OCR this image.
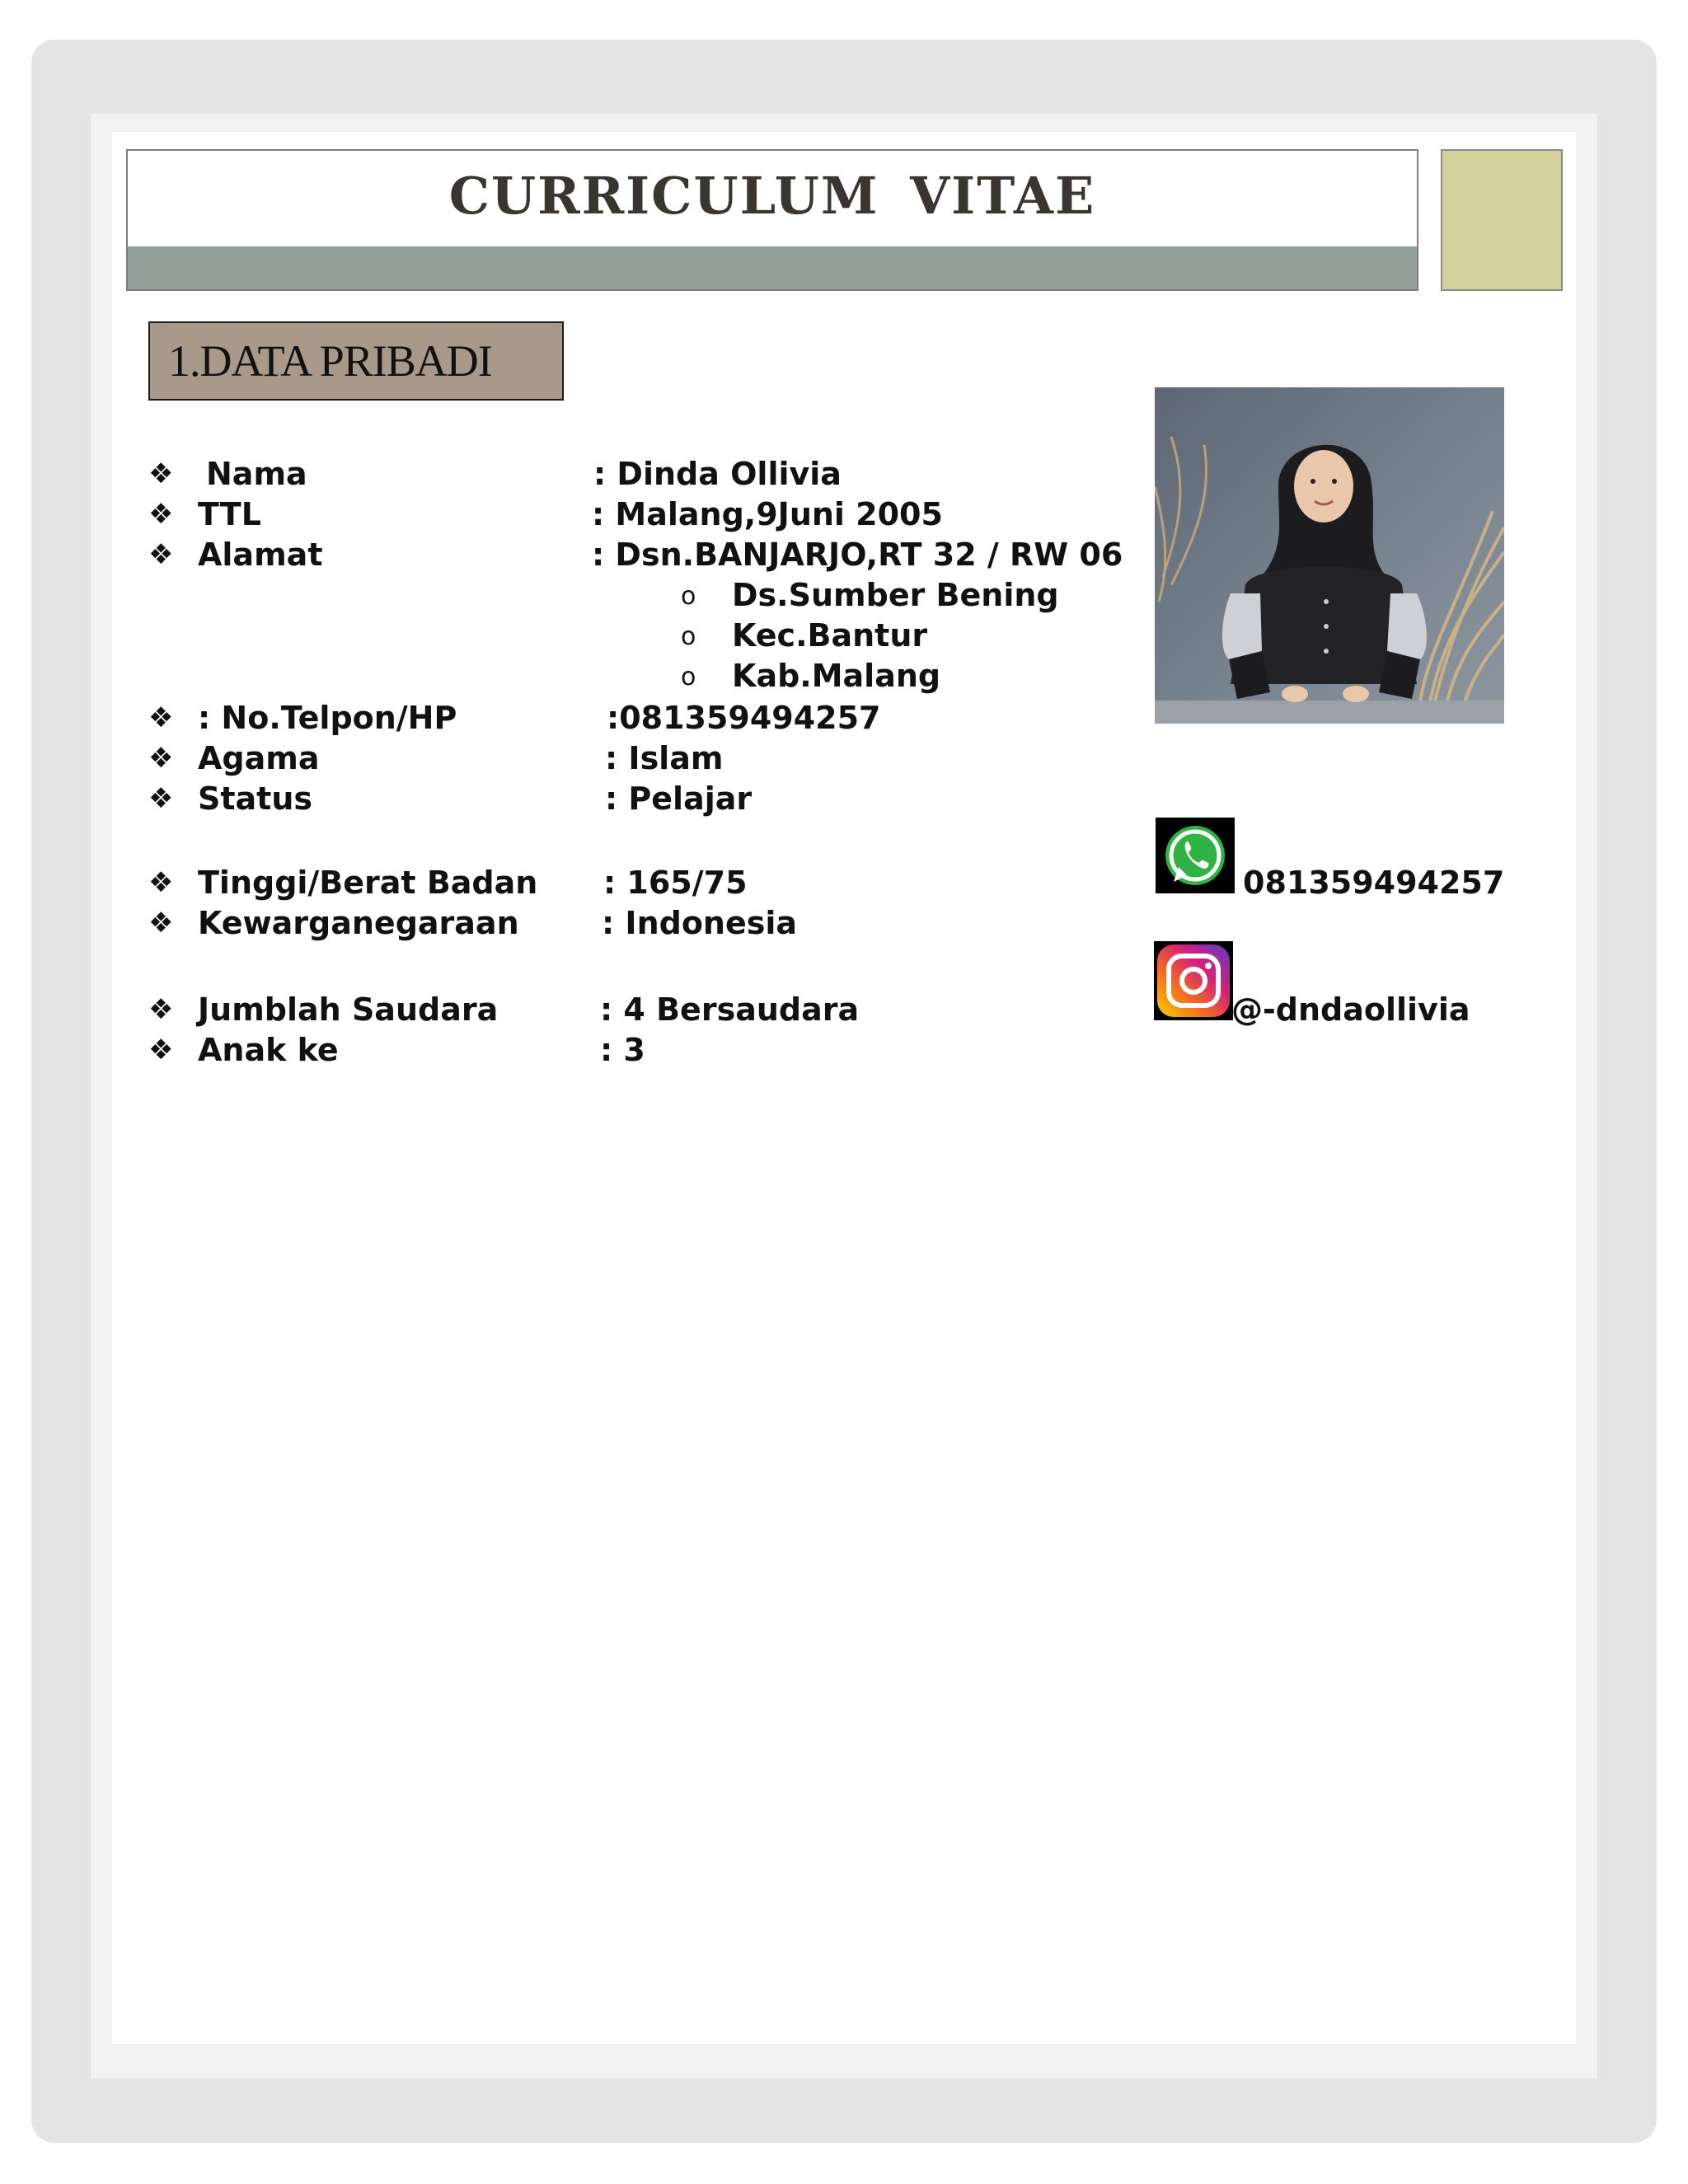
CURRICULUM VITAE
1.DATA PRIBADI
❖ Nama	: Dinda Ollivia
❖ TTL	: Malang,9Juni 2005
❖ Alamat	: Dsn.BANJARJO,RT 32 / RW 06
o Ds.Sumber Bening
o Kec.Bantur
o Kab.Malang
❖ : No.Telpon/HP	:081359494257
❖ Agama	: Islam
❖ Status	: Pelajar
❖ Tinggi/Berat Badan : 165/75
❖ Kewarganegaraan	: Indonesia
❖ Jumblah Saudara	: 4 Bersaudara
❖ Anak ke	: 3
081359494257
@-dndaollivia
